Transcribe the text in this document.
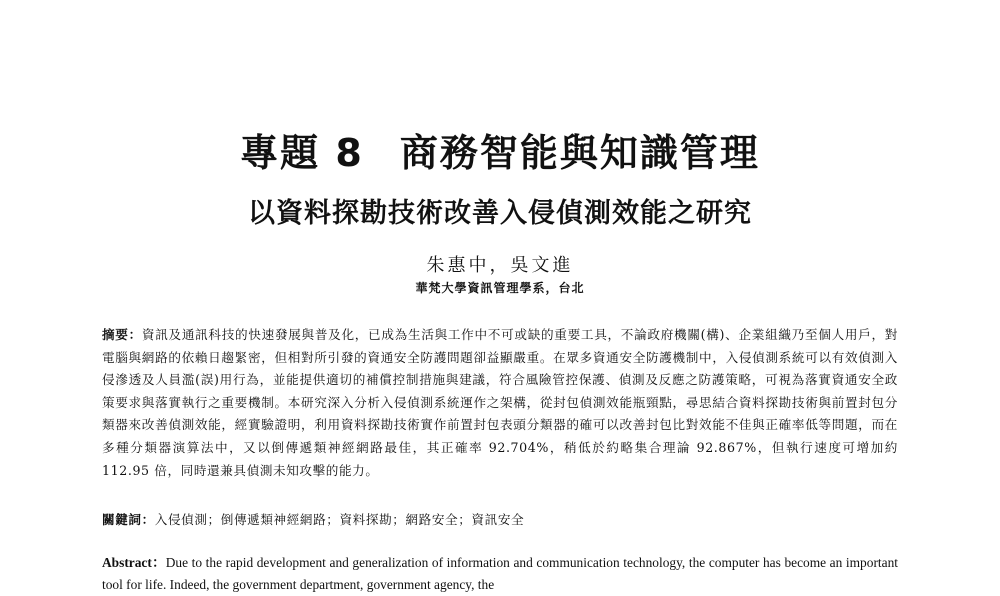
專題 8 商務智能與知識管理
以資料探勘技術改善入侵偵測效能之研究
朱惠中，吳文進
華梵大學資訊管理學系，台北
摘要：資訊及通訊科技的快速發展與普及化，已成為生活與工作中不可或缺的重要工具，不論政府機關(構)、企業組織乃至個人用戶，對電腦與網路的依賴日趨緊密，但相對所引發的資通安全防護問題卻益顯嚴重。在眾多資通安全防護機制中，入侵偵測系統可以有效偵測入侵滲透及人員濫(誤)用行為，並能提供適切的補償控制措施與建議，符合風險管控保護、偵測及反應之防護策略，可視為落實資通安全政策要求與落實執行之重要機制。本研究深入分析入侵偵測系統運作之架構，從封包偵測效能瓶頸點，尋思結合資料探勘技術與前置封包分類器來改善偵測效能，經實驗證明，利用資料探勘技術實作前置封包表頭分類器的確可以改善封包比對效能不佳與正確率低等問題，而在多種分類器演算法中，又以倒傳遞類神經網路最佳，其正確率 92.704%，稍低於約略集合理論 92.867%，但執行速度可增加約 112.95 倍，同時還兼具偵測未知攻擊的能力。
關鍵詞：入侵偵測；倒傳遞類神經網路；資料探勘；網路安全；資訊安全
Abstract：Due to the rapid development and generalization of information and communication technology, the computer has become an important tool for life. Indeed, the government department, government agency, the
